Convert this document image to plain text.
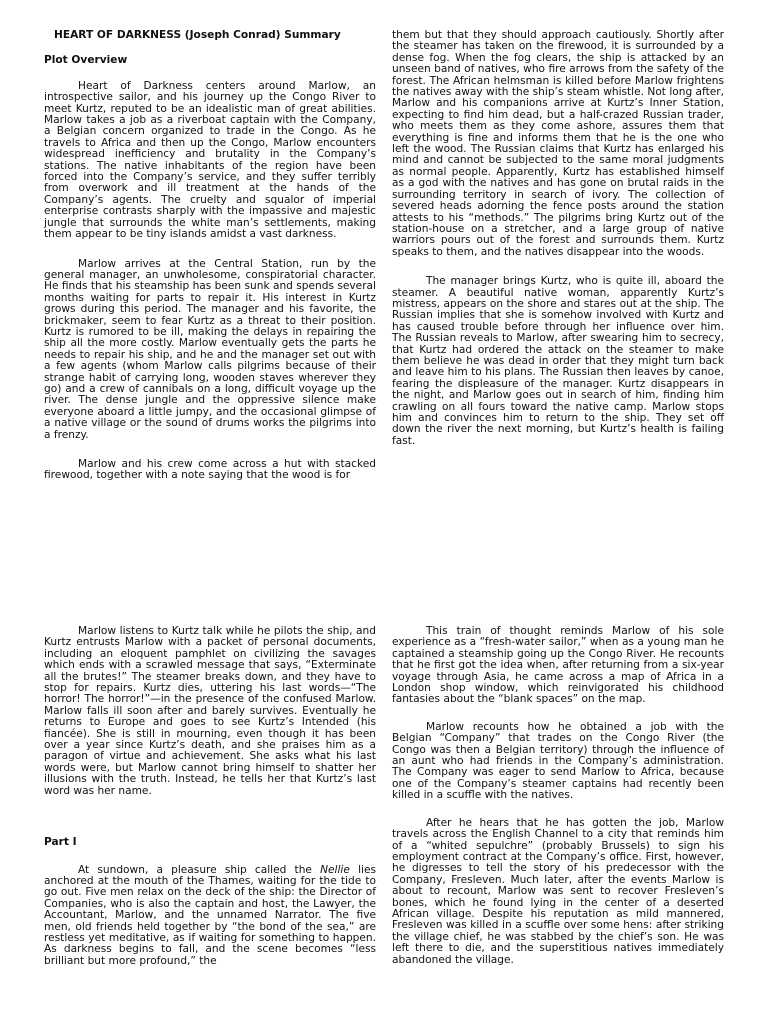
HEART OF DARKNESS (Joseph Conrad) Summary
Plot Overview

Heart of Darkness centers around Marlow, an introspective sailor, and his journey up the Congo River to meet Kurtz, reputed to be an idealistic man of great abilities. Marlow takes a job as a riverboat captain with the Company, a Belgian concern organized to trade in the Congo. As he travels to Africa and then up the Congo, Marlow encounters widespread inefficiency and brutality in the Company’s stations. The native inhabitants of the region have been forced into the Company’s service, and they suffer terribly from overwork and ill treatment at the hands of the Company’s agents. The cruelty and squalor of imperial enterprise contrasts sharply with the impassive and majestic jungle that surrounds the white man’s settlements, making them appear to be tiny islands amidst a vast darkness.

Marlow arrives at the Central Station, run by the general manager, an unwholesome, conspiratorial character. He finds that his steamship has been sunk and spends several months waiting for parts to repair it. His interest in Kurtz grows during this period. The manager and his favorite, the brickmaker, seem to fear Kurtz as a threat to their position. Kurtz is rumored to be ill, making the delays in repairing the ship all the more costly. Marlow eventually gets the parts he needs to repair his ship, and he and the manager set out with a few agents (whom Marlow calls pilgrims because of their strange habit of carrying long, wooden staves wherever they go) and a crew of cannibals on a long, difficult voyage up the river. The dense jungle and the oppressive silence make everyone aboard a little jumpy, and the occasional glimpse of a native village or the sound of drums works the pilgrims into a frenzy.

Marlow and his crew come across a hut with stacked firewood, together with a note saying that the wood is for

them but that they should approach cautiously. Shortly after the steamer has taken on the firewood, it is surrounded by a dense fog. When the fog clears, the ship is attacked by an unseen band of natives, who fire arrows from the safety of the forest. The African helmsman is killed before Marlow frightens the natives away with the ship’s steam whistle. Not long after, Marlow and his companions arrive at Kurtz’s Inner Station, expecting to find him dead, but a half-crazed Russian trader, who meets them as they come ashore, assures them that everything is fine and informs them that he is the one who left the wood. The Russian claims that Kurtz has enlarged his mind and cannot be subjected to the same moral judgments as normal people. Apparently, Kurtz has established himself as a god with the natives and has gone on brutal raids in the surrounding territory in search of ivory. The collection of severed heads adorning the fence posts around the station attests to his “methods.” The pilgrims bring Kurtz out of the station-house on a stretcher, and a large group of native warriors pours out of the forest and surrounds them. Kurtz speaks to them, and the natives disappear into the woods.

The manager brings Kurtz, who is quite ill, aboard the steamer. A beautiful native woman, apparently Kurtz’s mistress, appears on the shore and stares out at the ship. The Russian implies that she is somehow involved with Kurtz and has caused trouble before through her influence over him. The Russian reveals to Marlow, after swearing him to secrecy, that Kurtz had ordered the attack on the steamer to make them believe he was dead in order that they might turn back and leave him to his plans. The Russian then leaves by canoe, fearing the displeasure of the manager. Kurtz disappears in the night, and Marlow goes out in search of him, finding him crawling on all fours toward the native camp. Marlow stops him and convinces him to return to the ship. They set off down the river the next morning, but Kurtz’s health is failing fast.

Marlow listens to Kurtz talk while he pilots the ship, and Kurtz entrusts Marlow with a packet of personal documents, including an eloquent pamphlet on civilizing the savages which ends with a scrawled message that says, “Exterminate all the brutes!” The steamer breaks down, and they have to stop for repairs. Kurtz dies, uttering his last words—“The horror! The horror!”—in the presence of the confused Marlow. Marlow falls ill soon after and barely survives. Eventually he returns to Europe and goes to see Kurtz’s Intended (his fiancée). She is still in mourning, even though it has been over a year since Kurtz’s death, and she praises him as a paragon of virtue and achievement. She asks what his last words were, but Marlow cannot bring himself to shatter her illusions with the truth. Instead, he tells her that Kurtz’s last word was her name.

Part I

At sundown, a pleasure ship called the Nellie lies anchored at the mouth of the Thames, waiting for the tide to go out. Five men relax on the deck of the ship: the Director of Companies, who is also the captain and host, the Lawyer, the Accountant, Marlow, and the unnamed Narrator. The five men, old friends held together by “the bond of the sea,” are restless yet meditative, as if waiting for something to happen. As darkness begins to fall, and the scene becomes “less brilliant but more profound,” the

This train of thought reminds Marlow of his sole experience as a “fresh-water sailor,” when as a young man he captained a steamship going up the Congo River. He recounts that he first got the idea when, after returning from a six-year voyage through Asia, he came across a map of Africa in a London shop window, which reinvigorated his childhood fantasies about the “blank spaces” on the map.

Marlow recounts how he obtained a job with the Belgian “Company” that trades on the Congo River (the Congo was then a Belgian territory) through the influence of an aunt who had friends in the Company’s administration. The Company was eager to send Marlow to Africa, because one of the Company’s steamer captains had recently been killed in a scuffle with the natives.

After he hears that he has gotten the job, Marlow travels across the English Channel to a city that reminds him of a “whited sepulchre” (probably Brussels) to sign his employment contract at the Company’s office. First, however, he digresses to tell the story of his predecessor with the Company, Fresleven. Much later, after the events Marlow is about to recount, Marlow was sent to recover Fresleven’s bones, which he found lying in the center of a deserted African village. Despite his reputation as mild mannered, Fresleven was killed in a scuffle over some hens: after striking the village chief, he was stabbed by the chief’s son. He was left there to die, and the superstitious natives immediately abandoned the village.
